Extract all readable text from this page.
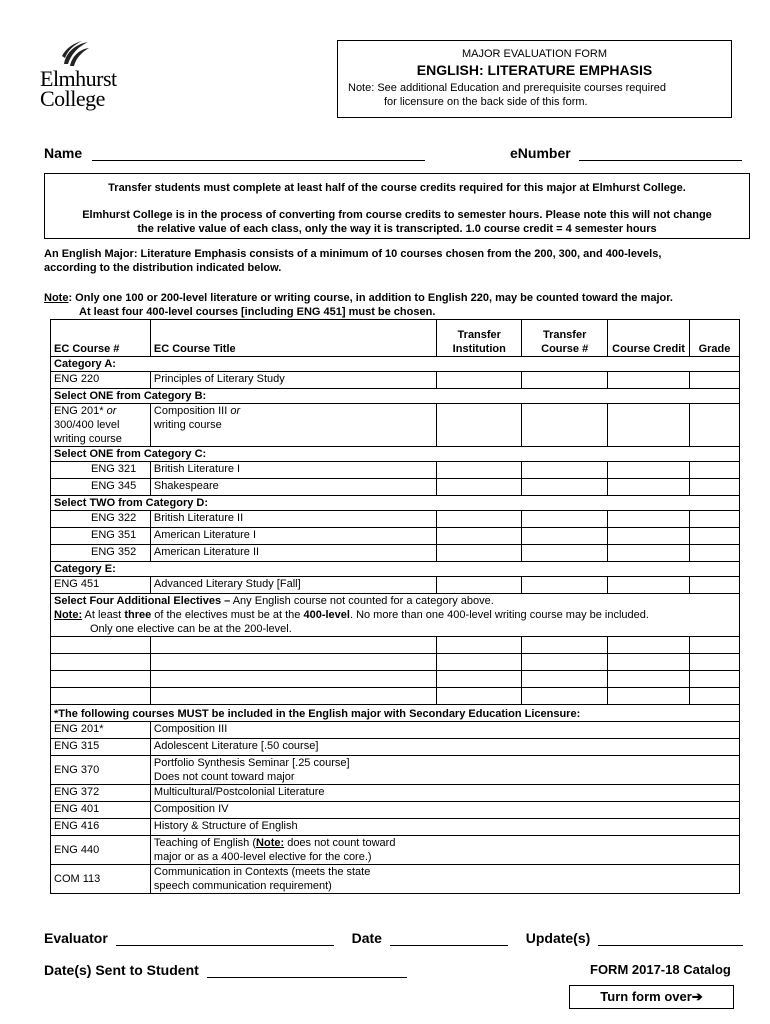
Elmhurst
College
MAJOR EVALUATION FORM
ENGLISH: LITERATURE EMPHASIS
Note: See additional Education and prerequisite courses required
for licensure on the back side of this form.
Name	eNumber
Transfer students must complete at least half of the course credits required for this major at Elmhurst College.
Elmhurst College is in the process of converting from course credits to semester hours. Please note this will not change
the relative value of each class, only the way it is transcripted. 1.0 course credit = 4 semester hours
An English Major: Literature Emphasis consists of a minimum of 10 courses chosen from the 200, 300, and 400-levels,
according to the distribution indicated below.
Note: Only one 100 or 200-level literature or writing course, in addition to English 220, may be counted toward the major.
At least four 400-level courses [including ENG 451] must be chosen.
EC Course #	EC Course Title	Transfer Institution	Transfer Course #	Course Credit	Grade
Category A:					
ENG 220	Principles of Literary Study				
Select ONE from Category B:					
ENG 201* or
300/400 level
writing course	Composition III or
writing course				
Select ONE from Category C:					
ENG 321	British Literature I				
ENG 345	Shakespeare				
Select TWO from Category D:					
ENG 322	British Literature II				
ENG 351	American Literature I				
ENG 352	American Literature II				
Category E:					
ENG 451	Advanced Literary Study [Fall]				
Select Four Additional Electives – Any English course not counted for a category above.
Note: At least three of the electives must be at the 400-level. No more than one 400-level writing course may be included.
Only one elective can be at the 200-level.					

*The following courses MUST be included in the English major with Secondary Education Licensure:					
ENG 201*	Composition III				
ENG 315	Adolescent Literature [.50 course]				
ENG 370	Portfolio Synthesis Seminar [.25 course]
Does not count toward major				
ENG 372	Multicultural/Postcolonial Literature				
ENG 401	Composition IV				
ENG 416	History & Structure of English				
ENG 440	Teaching of English (Note: does not count toward
major or as a 400-level elective for the core.)				
COM 113	Communication in Contexts (meets the state
speech communication requirement)				
Evaluator	Date	Update(s)
Date(s) Sent to Student	FORM 2017-18 Catalog
Turn form over➔
